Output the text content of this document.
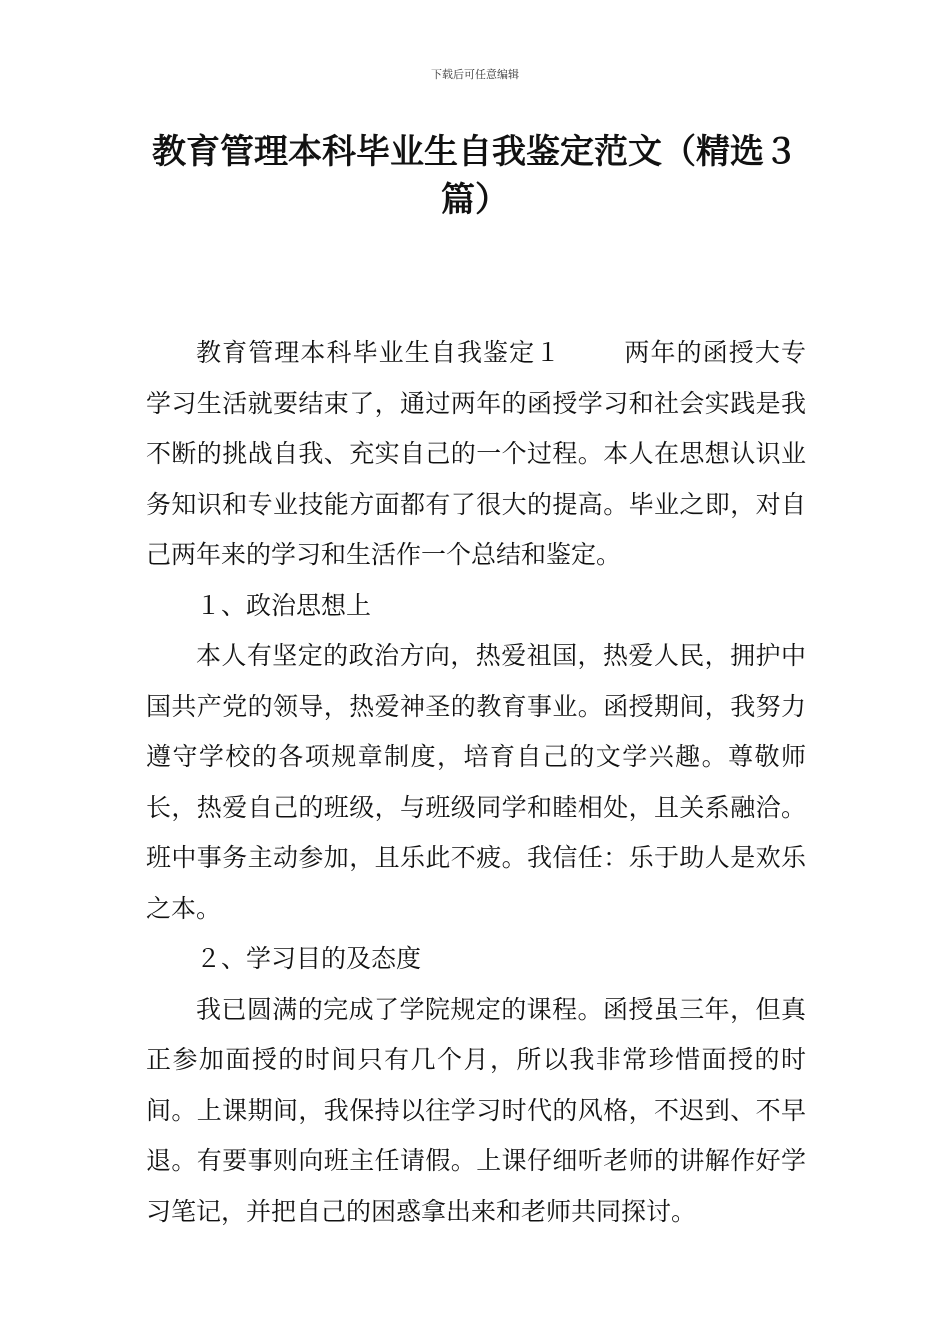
下载后可任意编辑
教育管理本科毕业生自我鉴定范文（精选３篇）

教育管理本科毕业生自我鉴定１ 两年的函授大专学习生活就要结束了，通过两年的函授学习和社会实践是我不断的挑战自我、充实自己的一个过程。本人在思想认识业务知识和专业技能方面都有了很大的提高。毕业之即，对自己两年来的学习和生活作一个总结和鉴定。

１、政治思想上

本人有坚定的政治方向，热爱祖国，热爱人民，拥护中国共产党的领导，热爱神圣的教育事业。函授期间，我努力遵守学校的各项规章制度，培育自己的文学兴趣。尊敬师长，热爱自己的班级，与班级同学和睦相处，且关系融洽。班中事务主动参加，且乐此不疲。我信任：乐于助人是欢乐之本。

２、学习目的及态度

我已圆满的完成了学院规定的课程。函授虽三年，但真正参加面授的时间只有几个月，所以我非常珍惜面授的时间。上课期间，我保持以往学习时代的风格，不迟到、不早退。有要事则向班主任请假。上课仔细听老师的讲解作好学习笔记，并把自己的困惑拿出来和老师共同探讨。
